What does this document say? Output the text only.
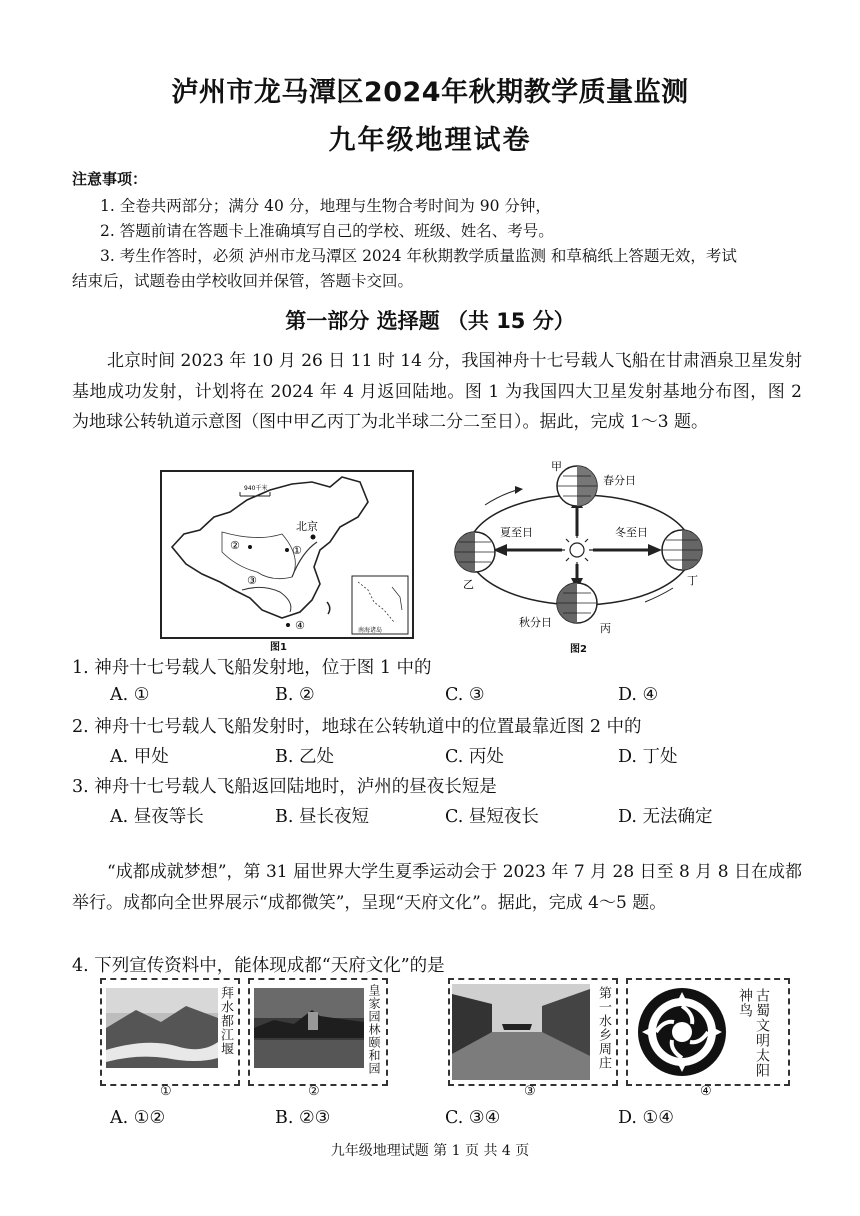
泸州市龙马潭区2024年秋期教学质量监测
九年级地理试卷
注意事项：
1. 全卷共两部分；满分 40 分，地理与生物合考时间为 90 分钟，
2. 答题前请在答题卡上准确填写自己的学校、班级、姓名、考号。
3. 考生作答时，必须 泸州市龙马潭区 2024 年秋期教学质量监测 和草稿纸上答题无效，考试
结束后，试题卷由学校收回并保管，答题卡交回。
第一部分 选择题 （共 15 分）
北京时间 2023 年 10 月 26 日 11 时 14 分，我国神舟十七号载人飞船在甘肃酒泉卫星发射基地成功发射，计划将在 2024 年 4 月返回陆地。图 1 为我国四大卫星发射基地分布图，图 2 为地球公转轨道示意图（图中甲乙丙丁为北半球二分二至日）。据此，完成 1～3 题。
940千米
北京
②	①
③
④	南海诸岛
图1
甲
春分日
夏至日	冬至日
乙	丁
秋分日	丙
图2
1. 神舟十七号载人飞船发射地，位于图 1 中的
A. ①	B. ②	C. ③	D. ④
2. 神舟十七号载人飞船发射时，地球在公转轨道中的位置最靠近图 2 中的
A. 甲处	B. 乙处	C. 丙处	D. 丁处
3. 神舟十七号载人飞船返回陆地时，泸州的昼夜长短是
A. 昼夜等长	B. 昼长夜短	C. 昼短夜长	D. 无法确定
“成都成就梦想”，第 31 届世界大学生夏季运动会于 2023 年 7 月 28 日至 8 月 8 日在成都举行。成都向全世界展示“成都微笑”，呈现“天府文化”。据此，完成 4～5 题。
4. 下列宣传资料中，能体现成都“天府文化”的是
拜水都江堰
①
皇家园林颐和园
②
第一水乡周庄
③
古蜀文明太阳神鸟
④
A. ①②	B. ②③	C. ③④	D. ①④
九年级地理试题 第 1 页 共 4 页
